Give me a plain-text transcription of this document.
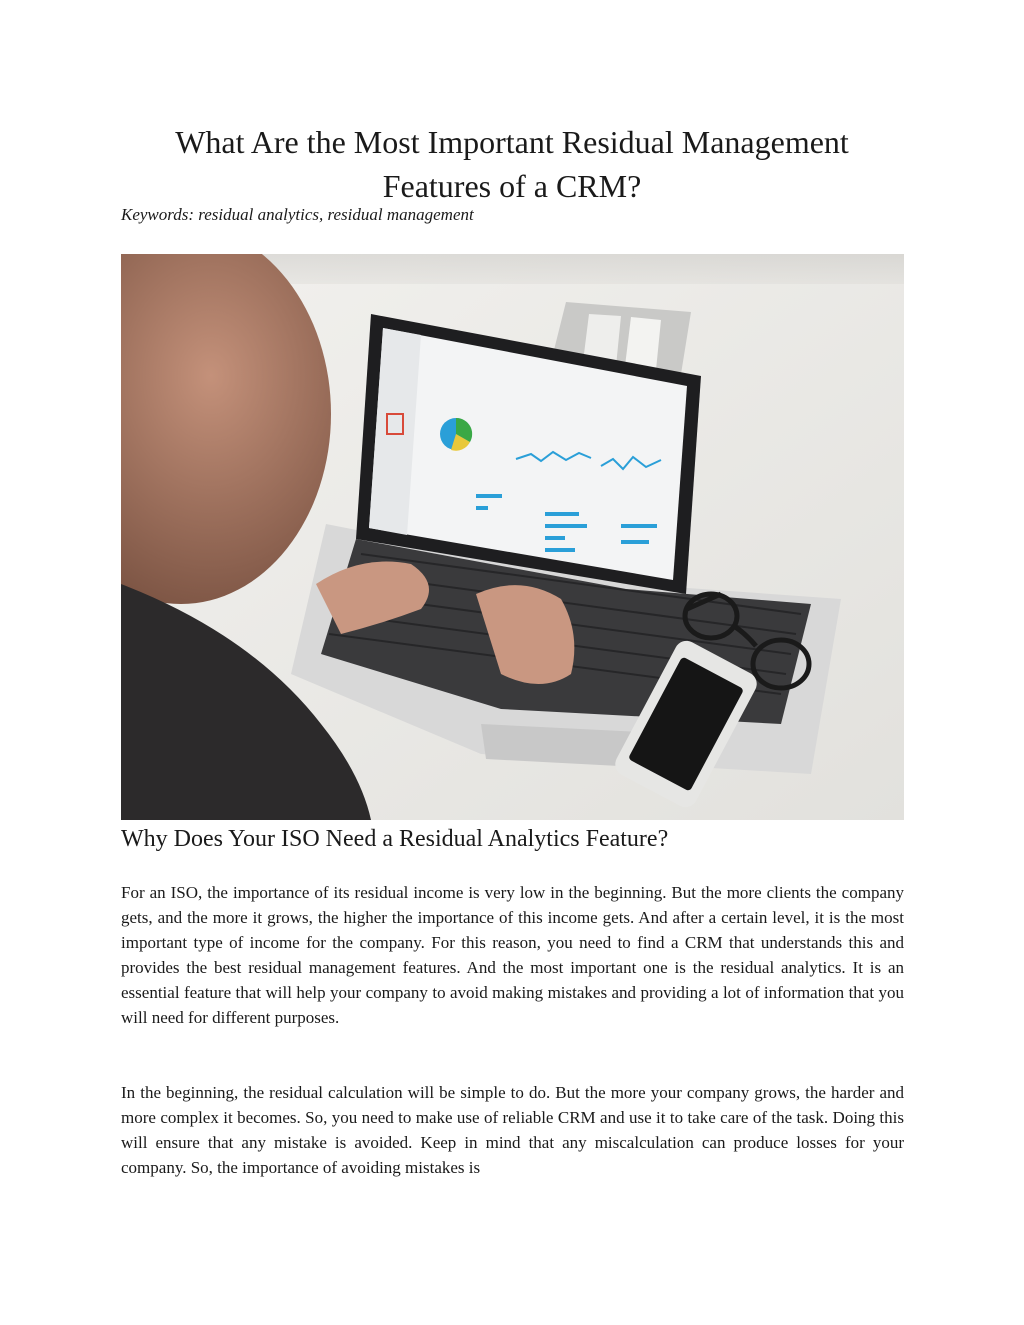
What Are the Most Important Residual Management Features of a CRM?

Keywords: residual analytics, residual management

Why Does Your ISO Need a Residual Analytics Feature?

For an ISO, the importance of its residual income is very low in the beginning. But the more clients the company gets, and the more it grows, the higher the importance of this income gets. And after a certain level, it is the most important type of income for the company. For this reason, you need to find a CRM that understands this and provides the best residual management features. And the most important one is the residual analytics. It is an essential feature that will help your company to avoid making mistakes and providing a lot of information that you will need for different purposes.

In the beginning, the residual calculation will be simple to do. But the more your company grows, the harder and more complex it becomes. So, you need to make use of reliable CRM and use it to take care of the task. Doing this will ensure that any mistake is avoided. Keep in mind that any miscalculation can produce losses for your company. So, the importance of avoiding mistakes is
